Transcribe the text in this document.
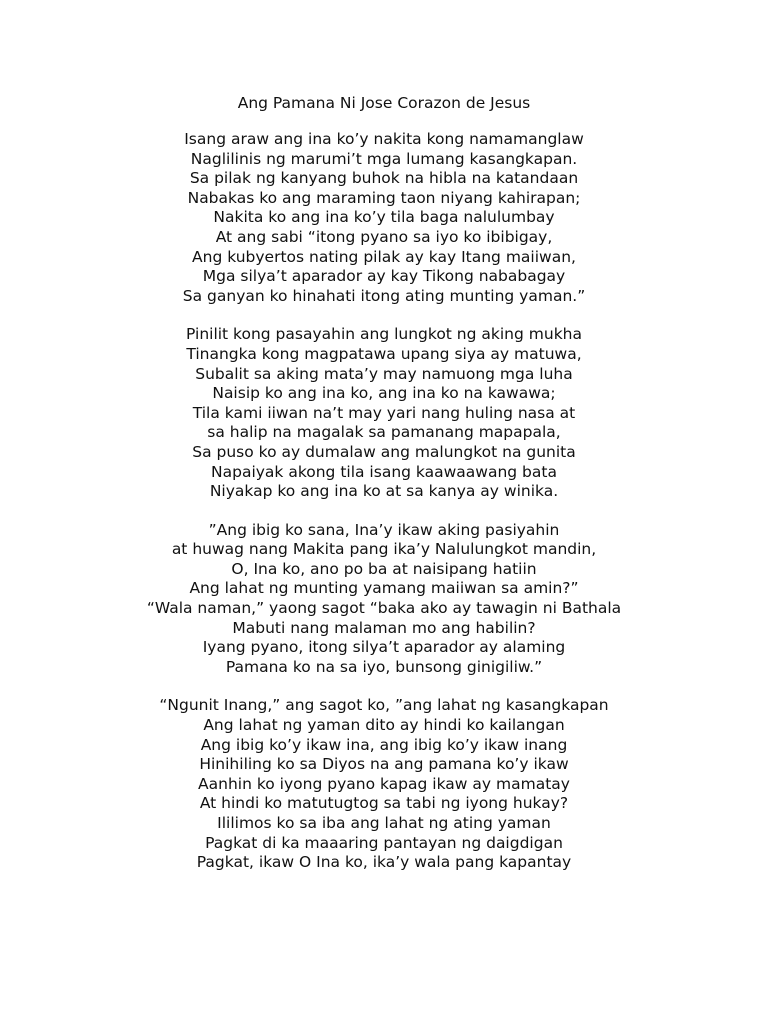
Ang Pamana Ni Jose Corazon de Jesus
Isang araw ang ina ko’y nakita kong namamanglaw
Naglilinis ng marumi’t mga lumang kasangkapan.
Sa pilak ng kanyang buhok na hibla na katandaan
Nabakas ko ang maraming taon niyang kahirapan;
Nakita ko ang ina ko’y tila baga nalulumbay
At ang sabi “itong pyano sa iyo ko ibibigay,
Ang kubyertos nating pilak ay kay Itang maiiwan,
Mga silya’t aparador ay kay Tikong nababagay
Sa ganyan ko hinahati itong ating munting yaman.”
Pinilit kong pasayahin ang lungkot ng aking mukha
Tinangka kong magpatawa upang siya ay matuwa,
Subalit sa aking mata’y may namuong mga luha
Naisip ko ang ina ko, ang ina ko na kawawa;
Tila kami iiwan na’t may yari nang huling nasa at
sa halip na magalak sa pamanang mapapala,
Sa puso ko ay dumalaw ang malungkot na gunita
Napaiyak akong tila isang kaawaawang bata
Niyakap ko ang ina ko at sa kanya ay winika.
”Ang ibig ko sana, Ina’y ikaw aking pasiyahin
at huwag nang Makita pang ika’y Nalulungkot mandin,
O, Ina ko, ano po ba at naisipang hatiin
Ang lahat ng munting yamang maiiwan sa amin?”
“Wala naman,” yaong sagot “baka ako ay tawagin ni Bathala
Mabuti nang malaman mo ang habilin?
Iyang pyano, itong silya’t aparador ay alaming
Pamana ko na sa iyo, bunsong ginigiliw.”
“Ngunit Inang,” ang sagot ko, ”ang lahat ng kasangkapan
Ang lahat ng yaman dito ay hindi ko kailangan
Ang ibig ko’y ikaw ina, ang ibig ko’y ikaw inang
Hinihiling ko sa Diyos na ang pamana ko’y ikaw
Aanhin ko iyong pyano kapag ikaw ay mamatay
At hindi ko matutugtog sa tabi ng iyong hukay?
Ililimos ko sa iba ang lahat ng ating yaman
Pagkat di ka maaaring pantayan ng daigdigan
Pagkat, ikaw O Ina ko, ika’y wala pang kapantay
